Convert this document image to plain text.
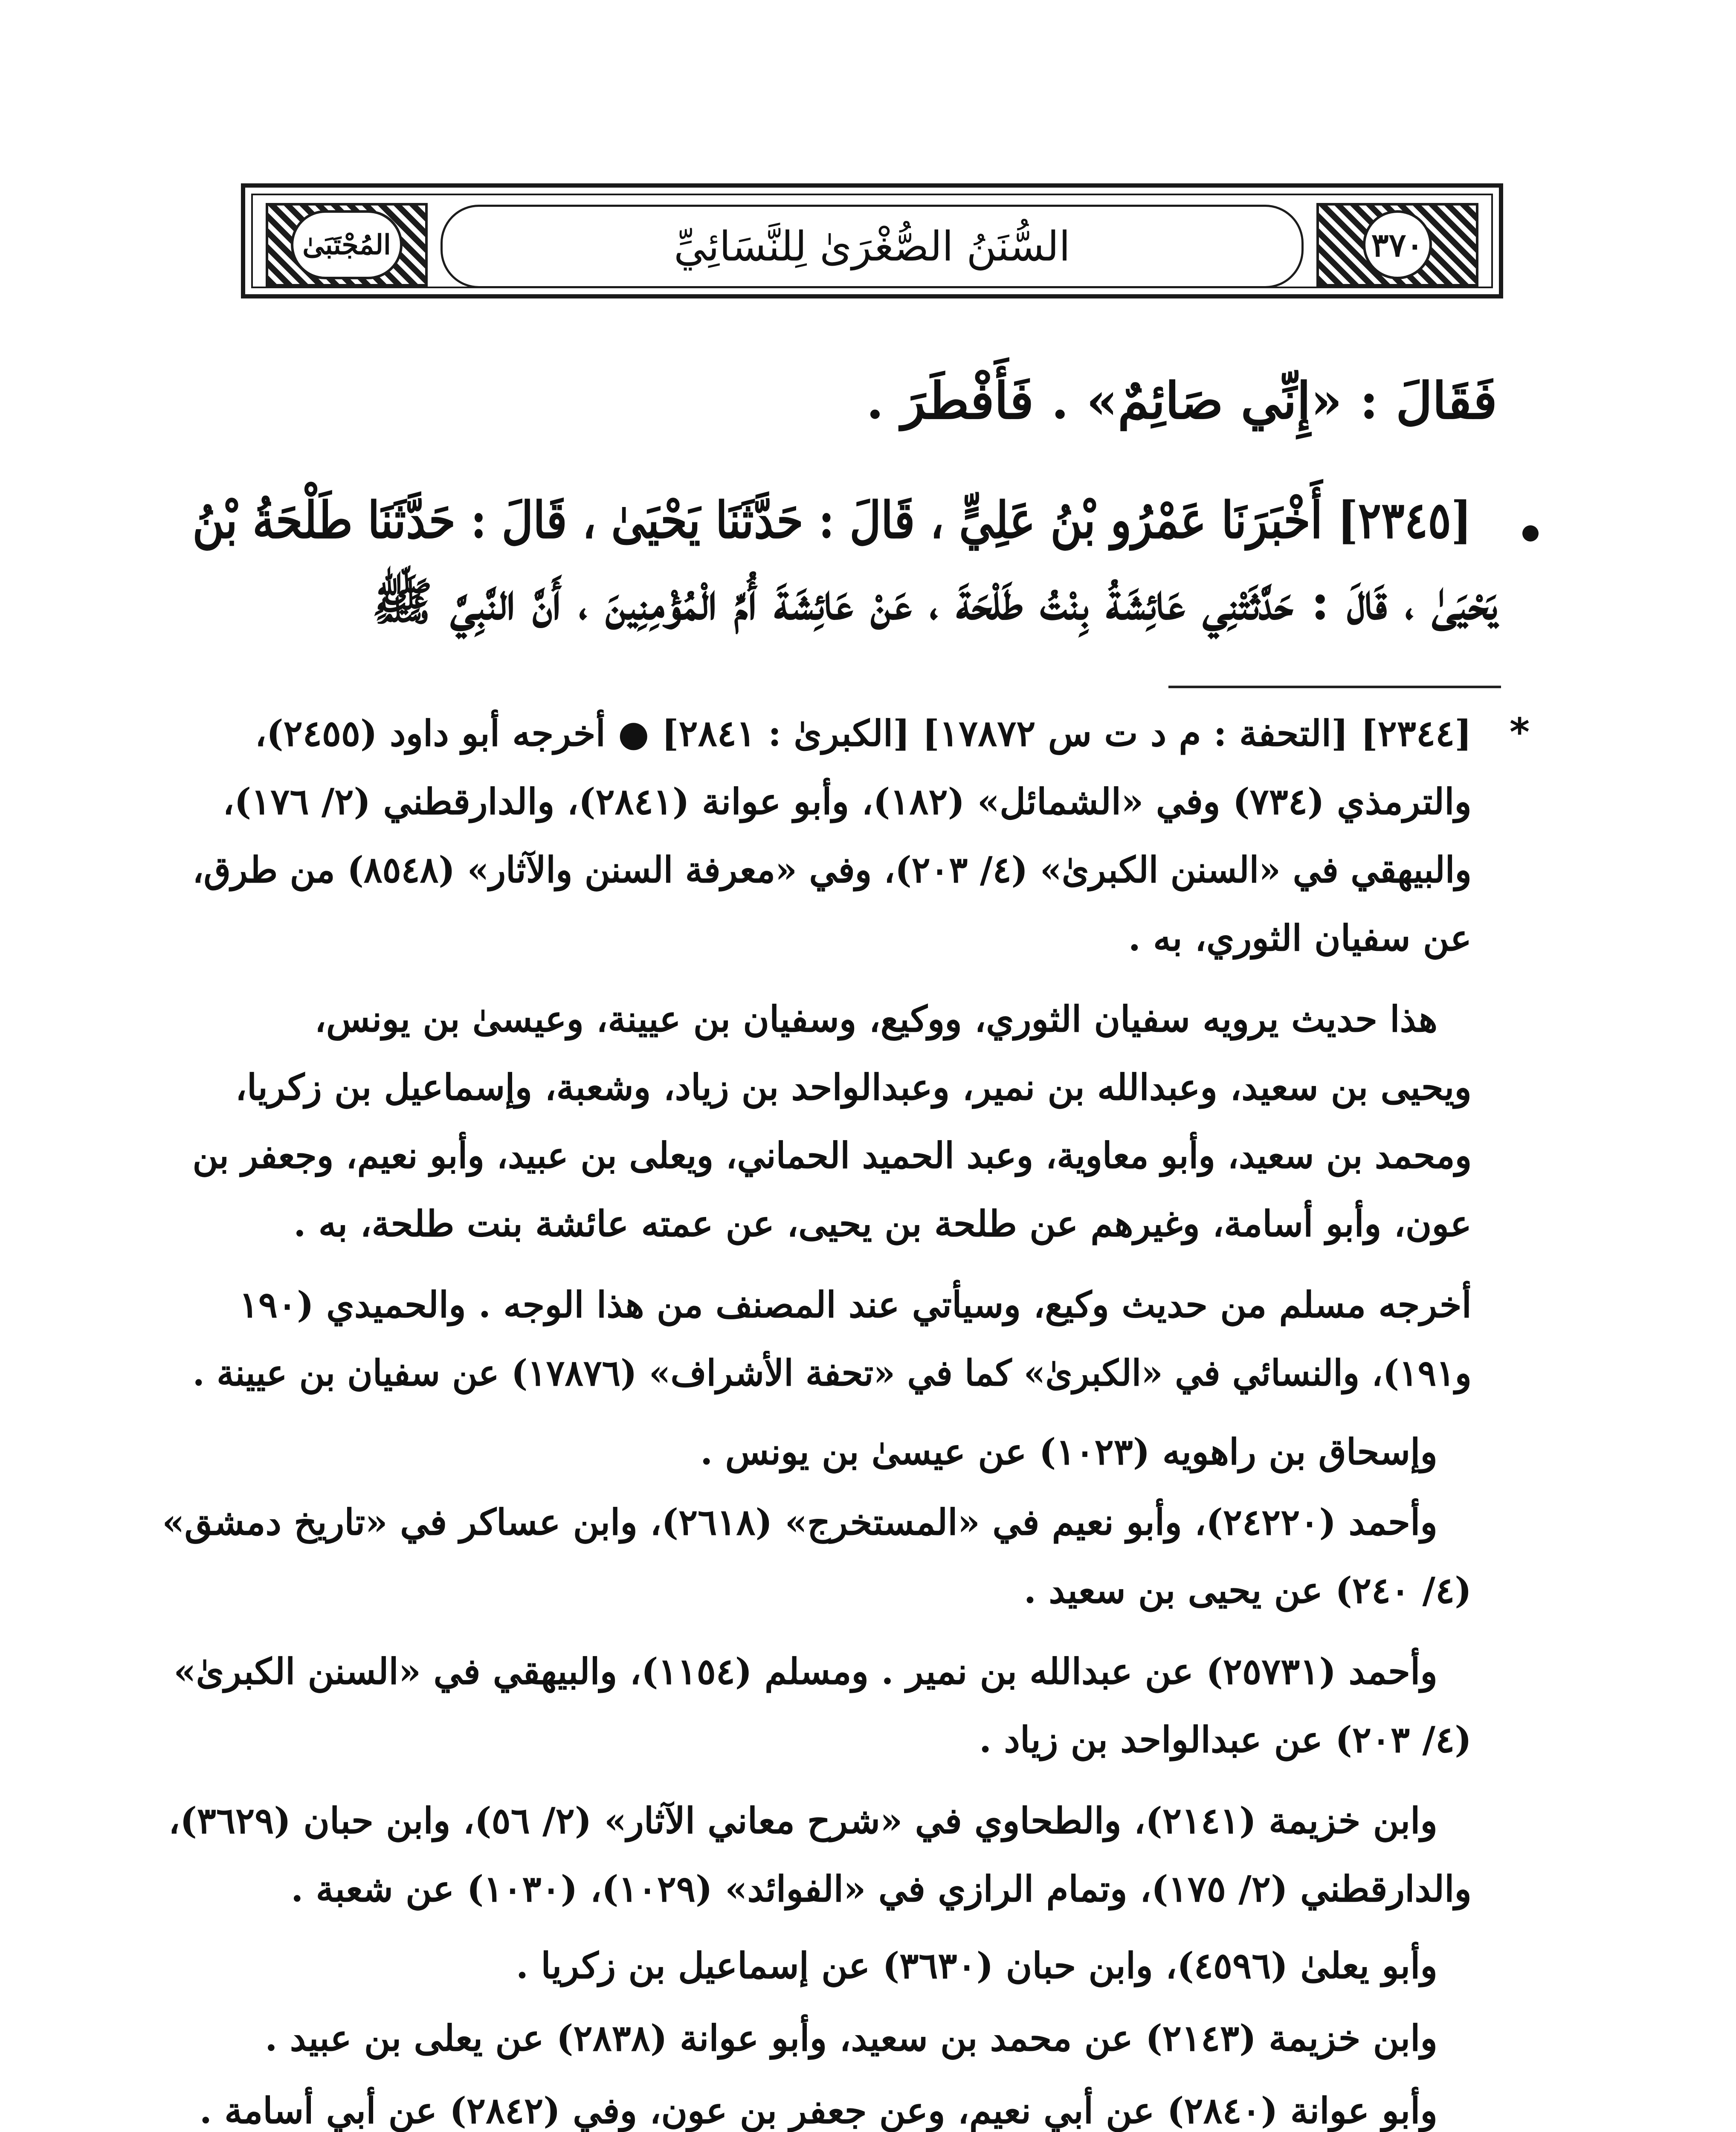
٣٧٠
السُّنَنُ الصُّغْرَىٰ لِلنَّسَائِيِّ
المُجْتَبَىٰ
فَقَالَ : «إِنِّي صَائِمٌ» . فَأَفْطَرَ .
[٢٣٤٥] أَخْبَرَنَا عَمْرُو بْنُ عَلِيٍّ ، قَالَ : حَدَّثَنَا يَحْيَىٰ ، قَالَ : حَدَّثَنَا طَلْحَةُ بْنُ
يَحْيَىٰ ، قَالَ : حَدَّثَتْنِي عَائِشَةُ بِنْتُ طَلْحَةَ ، عَنْ عَائِشَةَ أُمِّ الْمُؤْمِنِينَ ، أَنَّ النَّبِيَّ ﷺ
*
[٢٣٤٤] [التحفة : م د ت س ١٧٨٧٢] [الكبرىٰ : ٢٨٤١] ● أخرجه أبو داود (٢٤٥٥)،
والترمذي (٧٣٤) وفي «الشمائل» (١٨٢)، وأبو عوانة (٢٨٤١)، والدارقطني (٢/ ١٧٦)،
والبيهقي في «السنن الكبرىٰ» (٤/ ٢٠٣)، وفي «معرفة السنن والآثار» (٨٥٤٨) من طرق،
عن سفيان الثوري، به .
هذا حديث يرويه سفيان الثوري، ووكيع، وسفيان بن عيينة، وعيسىٰ بن يونس،
ويحيى بن سعيد، وعبدالله بن نمير، وعبدالواحد بن زياد، وشعبة، وإسماعيل بن زكريا،
ومحمد بن سعيد، وأبو معاوية، وعبد الحميد الحماني، ويعلى بن عبيد، وأبو نعيم، وجعفر بن
عون، وأبو أسامة، وغيرهم عن طلحة بن يحيى، عن عمته عائشة بنت طلحة، به .
أخرجه مسلم من حديث وكيع، وسيأتي عند المصنف من هذا الوجه . والحميدي (١٩٠
و١٩١)، والنسائي في «الكبرىٰ» كما في «تحفة الأشراف» (١٧٨٧٦) عن سفيان بن عيينة .
وإسحاق بن راهويه (١٠٢٣) عن عيسىٰ بن يونس .
وأحمد (٢٤٢٢٠)، وأبو نعيم في «المستخرج» (٢٦١٨)، وابن عساكر في «تاريخ دمشق»
(٤/ ٢٤٠) عن يحيى بن سعيد .
وأحمد (٢٥٧٣١) عن عبدالله بن نمير . ومسلم (١١٥٤)، والبيهقي في «السنن الكبرىٰ»
(٤/ ٢٠٣) عن عبدالواحد بن زياد .
وابن خزيمة (٢١٤١)، والطحاوي في «شرح معاني الآثار» (٢/ ٥٦)، وابن حبان (٣٦٢٩)،
والدارقطني (٢/ ١٧٥)، وتمام الرازي في «الفوائد» (١٠٢٩)، (١٠٣٠) عن شعبة .
وأبو يعلىٰ (٤٥٩٦)، وابن حبان (٣٦٣٠) عن إسماعيل بن زكريا .
وابن خزيمة (٢١٤٣) عن محمد بن سعيد، وأبو عوانة (٢٨٣٨) عن يعلى بن عبيد .
وأبو عوانة (٢٨٤٠) عن أبي نعيم، وعن جعفر بن عون، وفي (٢٨٤٢) عن أبي أسامة .
